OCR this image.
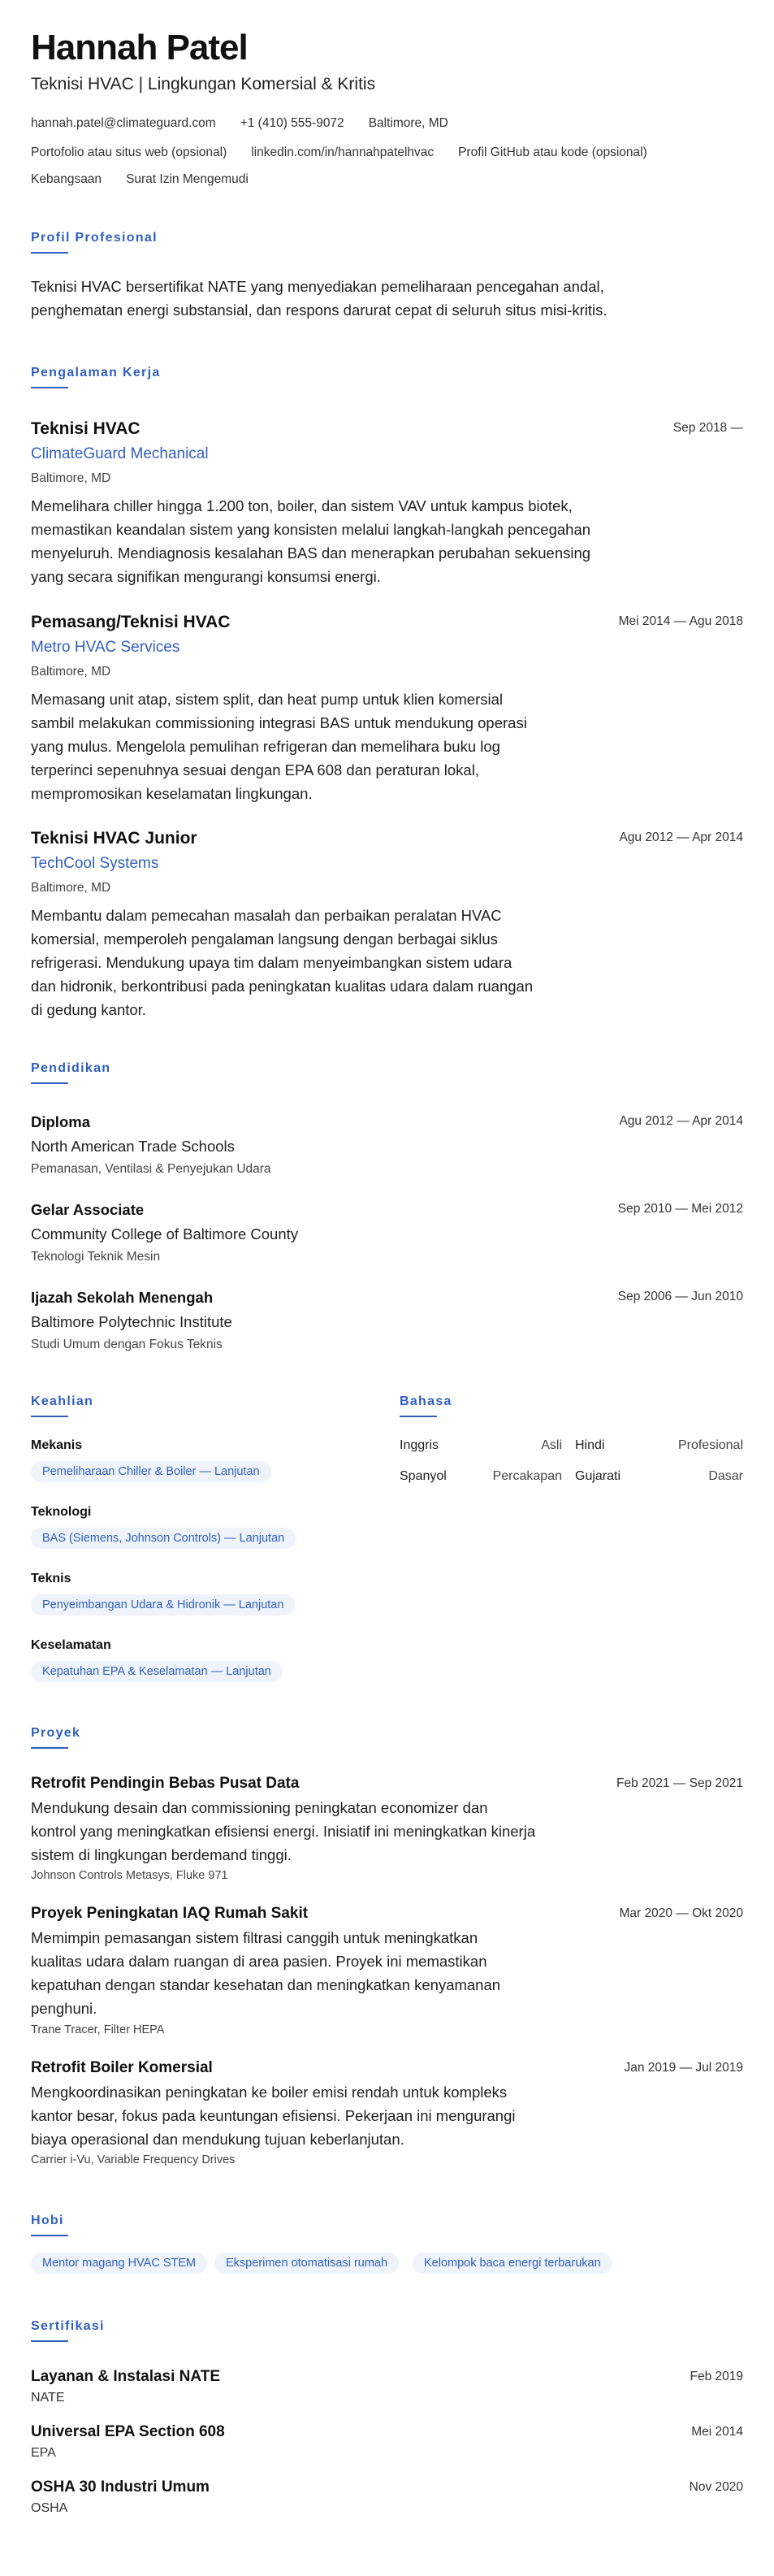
Hannah Patel
Teknisi HVAC | Lingkungan Komersial & Kritis
hannah.patel@climateguard.com +1 (410) 555-9072 Baltimore, MD
Portofolio atau situs web (opsional) linkedin.com/in/hannahpatelhvac Profil GitHub atau kode (opsional)
Kebangsaan Surat Izin Mengemudi
Profil Profesional
Teknisi HVAC bersertifikat NATE yang menyediakan pemeliharaan pencegahan andal,
penghematan energi substansial, dan respons darurat cepat di seluruh situs misi-kritis.
Pengalaman Kerja
Teknisi HVAC	Sep 2018 —
ClimateGuard Mechanical
Baltimore, MD
Memelihara chiller hingga 1.200 ton, boiler, dan sistem VAV untuk kampus biotek,
memastikan keandalan sistem yang konsisten melalui langkah-langkah pencegahan
menyeluruh. Mendiagnosis kesalahan BAS dan menerapkan perubahan sekuensing
yang secara signifikan mengurangi konsumsi energi.
Pemasang/Teknisi HVAC	Mei 2014 — Agu 2018
Metro HVAC Services
Baltimore, MD
Memasang unit atap, sistem split, dan heat pump untuk klien komersial
sambil melakukan commissioning integrasi BAS untuk mendukung operasi
yang mulus. Mengelola pemulihan refrigeran dan memelihara buku log
terperinci sepenuhnya sesuai dengan EPA 608 dan peraturan lokal,
mempromosikan keselamatan lingkungan.
Teknisi HVAC Junior	Agu 2012 — Apr 2014
TechCool Systems
Baltimore, MD
Membantu dalam pemecahan masalah dan perbaikan peralatan HVAC
komersial, memperoleh pengalaman langsung dengan berbagai siklus
refrigerasi. Mendukung upaya tim dalam menyeimbangkan sistem udara
dan hidronik, berkontribusi pada peningkatan kualitas udara dalam ruangan
di gedung kantor.
Pendidikan
Diploma	Agu 2012 — Apr 2014
North American Trade Schools
Pemanasan, Ventilasi & Penyejukan Udara
Gelar Associate	Sep 2010 — Mei 2012
Community College of Baltimore County
Teknologi Teknik Mesin
Ijazah Sekolah Menengah	Sep 2006 — Jun 2010
Baltimore Polytechnic Institute
Studi Umum dengan Fokus Teknis
Keahlian
Mekanis
Pemeliharaan Chiller & Boiler — Lanjutan
Teknologi
BAS (Siemens, Johnson Controls) — Lanjutan
Teknis
Penyeimbangan Udara & Hidronik — Lanjutan
Keselamatan
Kepatuhan EPA & Keselamatan — Lanjutan
Bahasa
Inggris	Asli Hindi	Profesional
Spanyol	Percakapan Gujarati	Dasar
Proyek
Retrofit Pendingin Bebas Pusat Data	Feb 2021 — Sep 2021
Mendukung desain dan commissioning peningkatan economizer dan
kontrol yang meningkatkan efisiensi energi. Inisiatif ini meningkatkan kinerja
sistem di lingkungan berdemand tinggi.
Johnson Controls Metasys, Fluke 971
Proyek Peningkatan IAQ Rumah Sakit	Mar 2020 — Okt 2020
Memimpin pemasangan sistem filtrasi canggih untuk meningkatkan
kualitas udara dalam ruangan di area pasien. Proyek ini memastikan
kepatuhan dengan standar kesehatan dan meningkatkan kenyamanan
penghuni.
Trane Tracer, Filter HEPA
Retrofit Boiler Komersial	Jan 2019 — Jul 2019
Mengkoordinasikan peningkatan ke boiler emisi rendah untuk kompleks
kantor besar, fokus pada keuntungan efisiensi. Pekerjaan ini mengurangi
biaya operasional dan mendukung tujuan keberlanjutan.
Carrier i-Vu, Variable Frequency Drives
Hobi
Mentor magang HVAC STEM	Eksperimen otomatisasi rumah	Kelompok baca energi terbarukan
Sertifikasi
Layanan & Instalasi NATE	Feb 2019
NATE
Universal EPA Section 608	Mei 2014
EPA
OSHA 30 Industri Umum	Nov 2020
OSHA
